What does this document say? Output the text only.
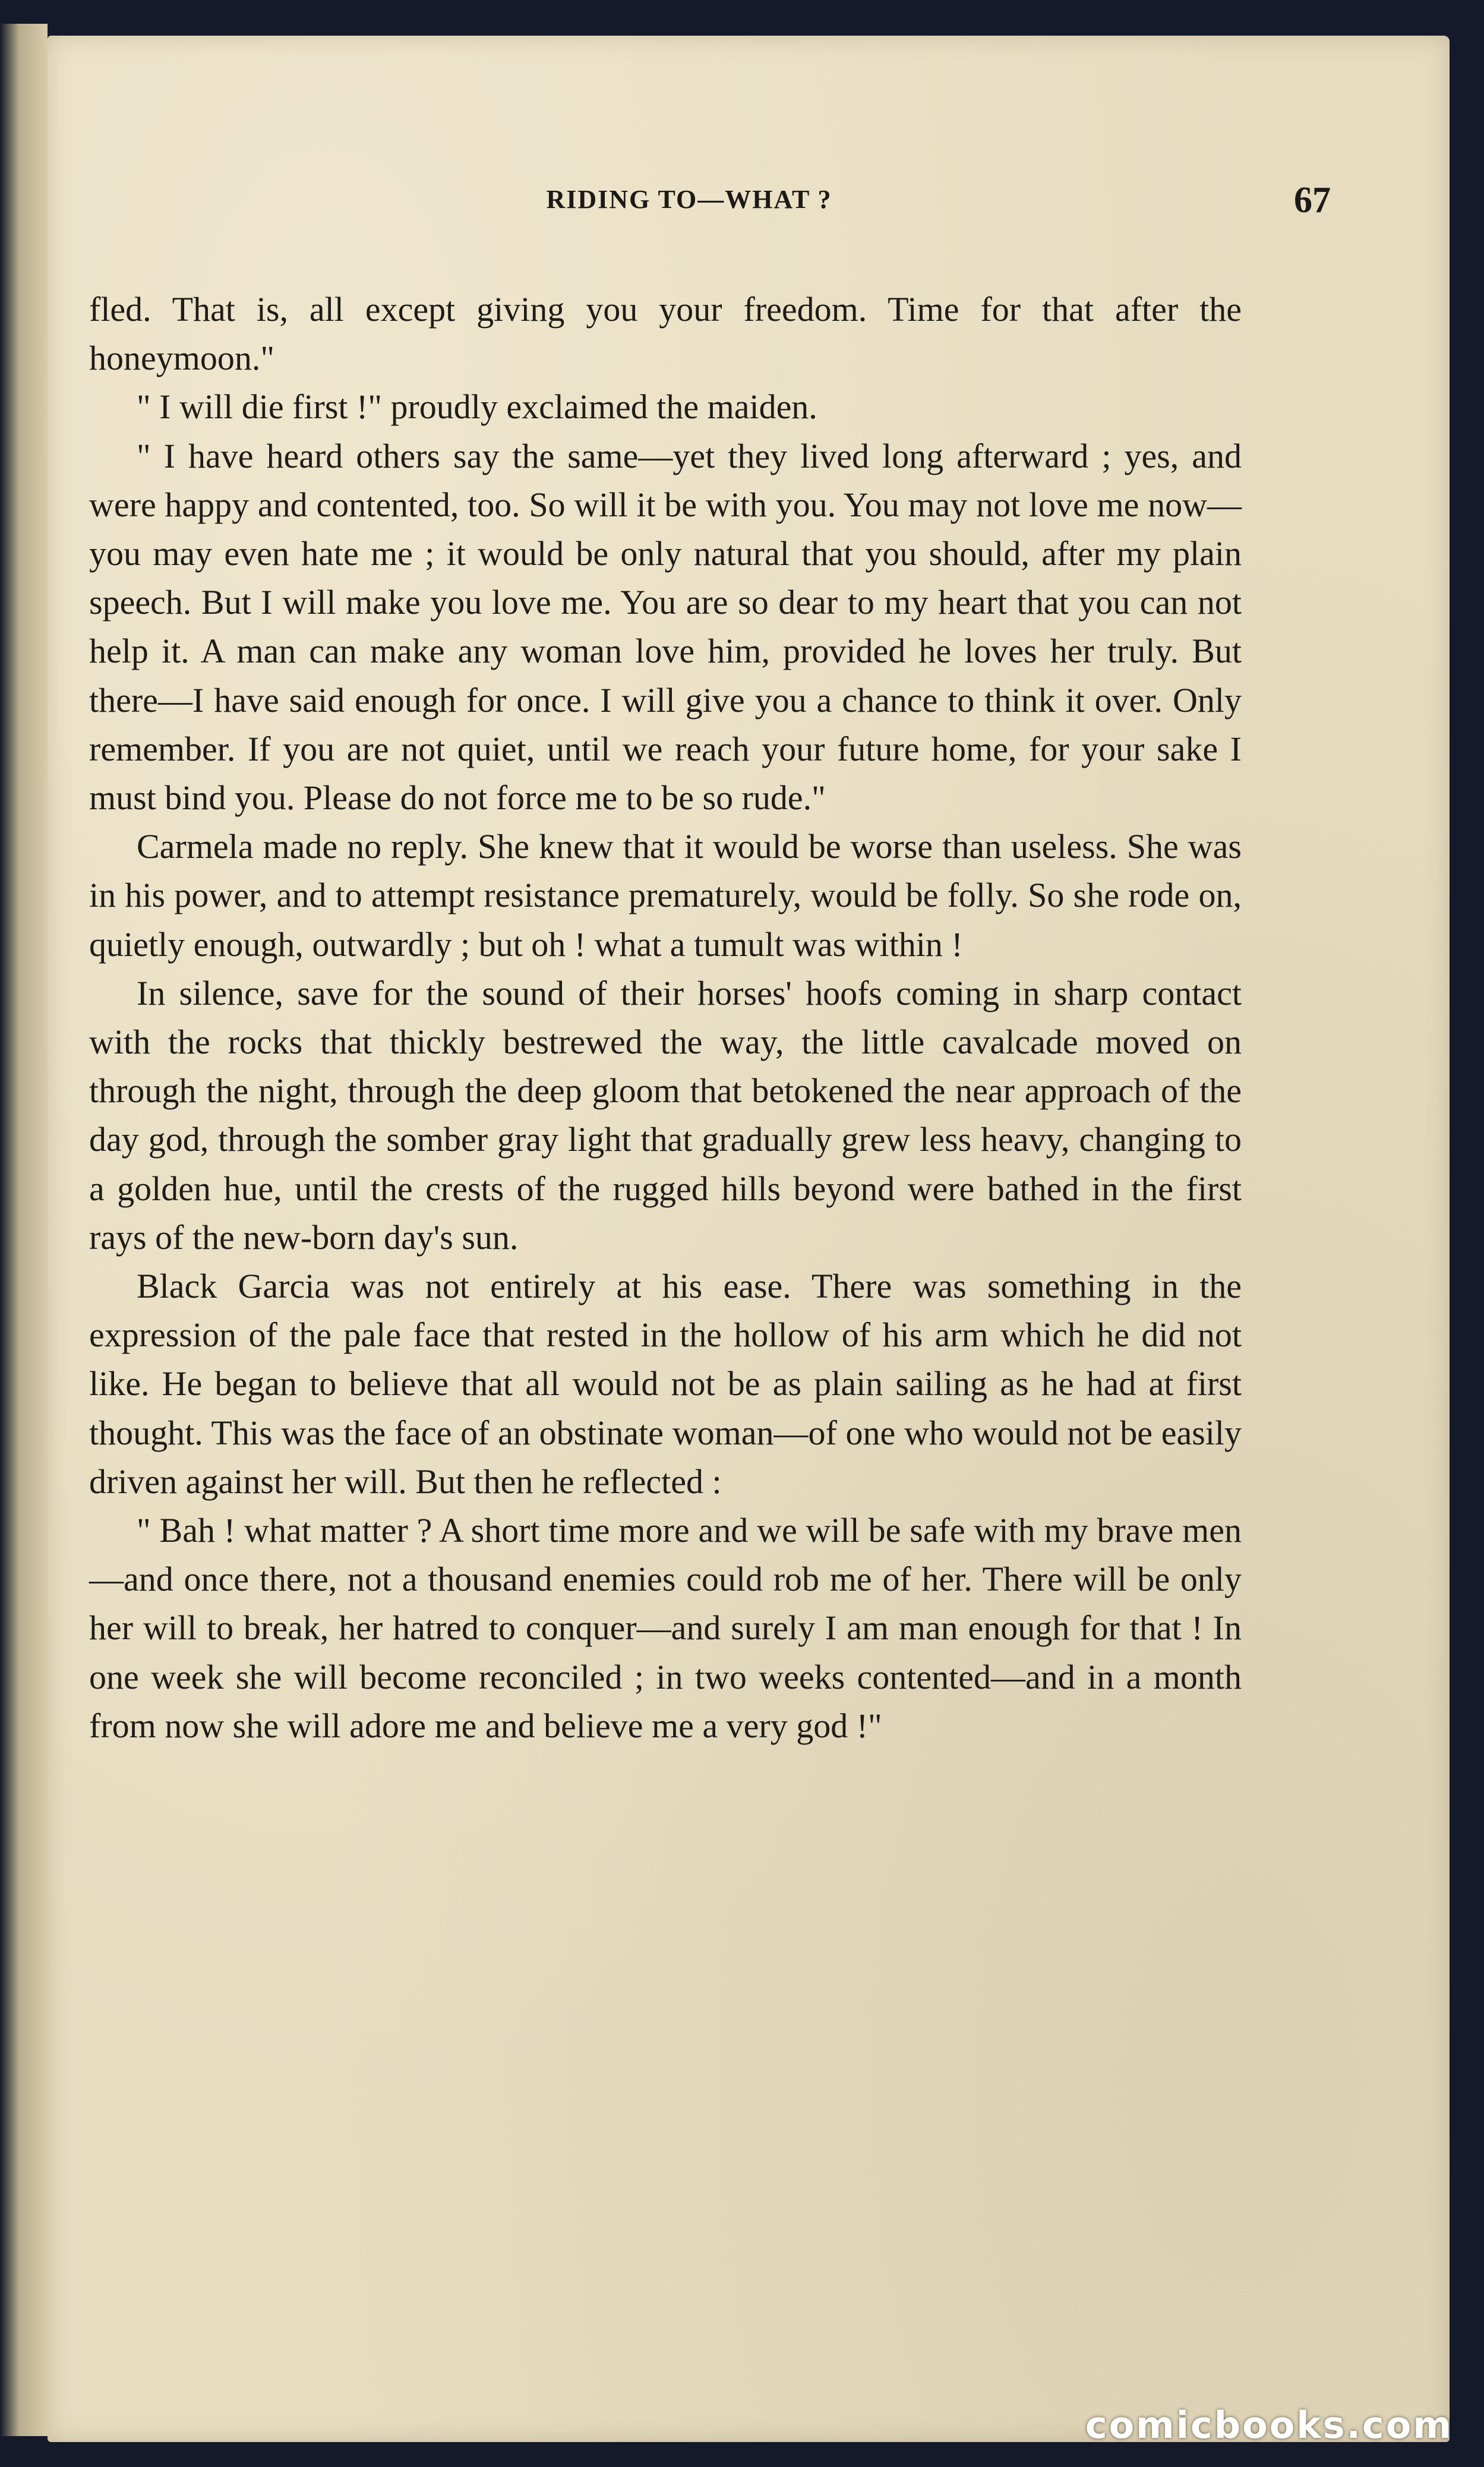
RIDING TO—WHAT ?	67

fled. That is, all except giving you your freedom. Time for that after the honeymoon."

" I will die first !" proudly exclaimed the maiden.

" I have heard others say the same—yet they lived long afterward ; yes, and were happy and contented, too. So will it be with you. You may not love me now—you may even hate me ; it would be only natural that you should, after my plain speech. But I will make you love me. You are so dear to my heart that you can not help it. A man can make any woman love him, provided he loves her truly. But there—I have said enough for once. I will give you a chance to think it over. Only remember. If you are not quiet, until we reach your future home, for your sake I must bind you. Please do not force me to be so rude."

Carmela made no reply. She knew that it would be worse than useless. She was in his power, and to attempt resistance prematurely, would be folly. So she rode on, quietly enough, outwardly ; but oh ! what a tumult was within !

In silence, save for the sound of their horses' hoofs coming in sharp contact with the rocks that thickly bestrewed the way, the little cavalcade moved on through the night, through the deep gloom that betokened the near approach of the day god, through the somber gray light that gradually grew less heavy, changing to a golden hue, until the crests of the rugged hills beyond were bathed in the first rays of the new-born day's sun.

Black Garcia was not entirely at his ease. There was something in the expression of the pale face that rested in the hollow of his arm which he did not like. He began to believe that all would not be as plain sailing as he had at first thought. This was the face of an obstinate woman—of one who would not be easily driven against her will. But then he reflected :

" Bah ! what matter ? A short time more and we will be safe with my brave men—and once there, not a thousand enemies could rob me of her. There will be only her will to break, her hatred to conquer—and surely I am man enough for that ! In one week she will become reconciled ; in two weeks contented—and in a month from now she will adore me and believe me a very god !"

comicbooks.com
